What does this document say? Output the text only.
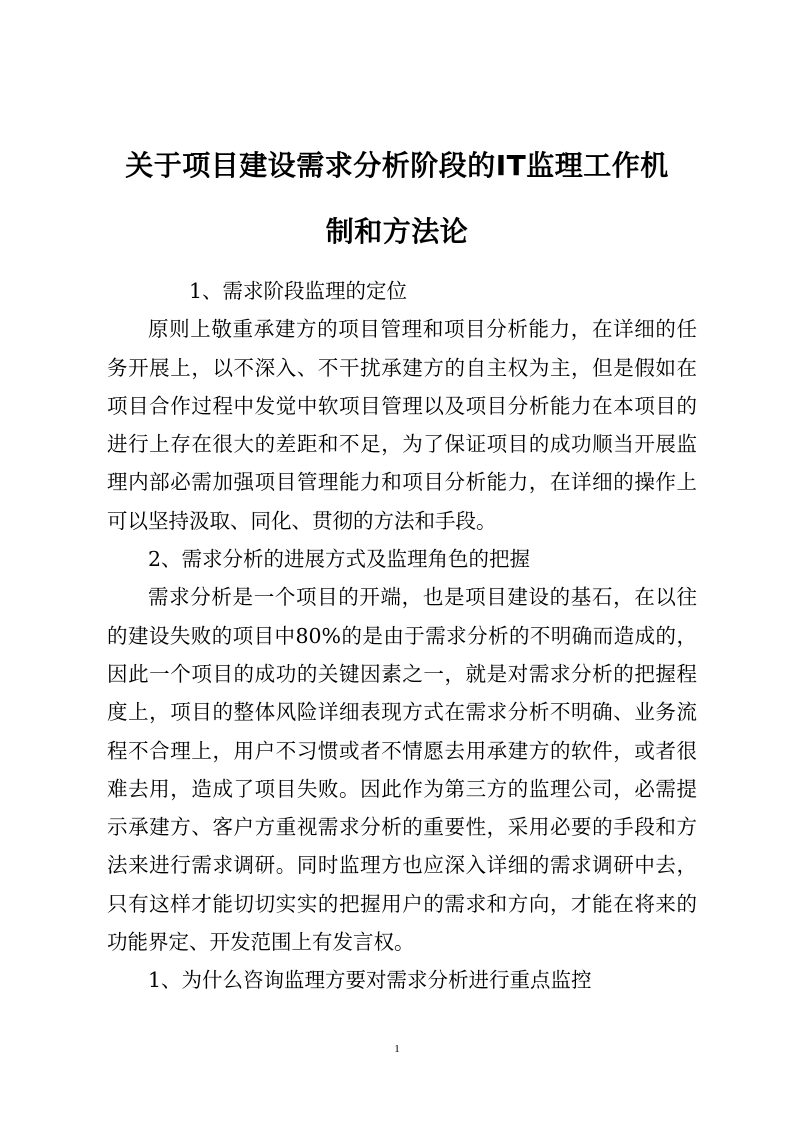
关于项目建设需求分析阶段的IT监理工作机
制和方法论

1、需求阶段监理的定位

原则上敬重承建方的项目管理和项目分析能力，在详细的任务开展上，以不深入、不干扰承建方的自主权为主，但是假如在项目合作过程中发觉中软项目管理以及项目分析能力在本项目的进行上存在很大的差距和不足，为了保证项目的成功顺当开展监理内部必需加强项目管理能力和项目分析能力，在详细的操作上可以坚持汲取、同化、贯彻的方法和手段。

2、需求分析的进展方式及监理角色的把握

需求分析是一个项目的开端，也是项目建设的基石，在以往的建设失败的项目中80%的是由于需求分析的不明确而造成的，因此一个项目的成功的关键因素之一，就是对需求分析的把握程度上，项目的整体风险详细表现方式在需求分析不明确、业务流程不合理上，用户不习惯或者不情愿去用承建方的软件，或者很难去用，造成了项目失败。因此作为第三方的监理公司，必需提示承建方、客户方重视需求分析的重要性，采用必要的手段和方法来进行需求调研。同时监理方也应深入详细的需求调研中去，只有这样才能切切实实的把握用户的需求和方向，才能在将来的功能界定、开发范围上有发言权。

1、为什么咨询监理方要对需求分析进行重点监控

1
